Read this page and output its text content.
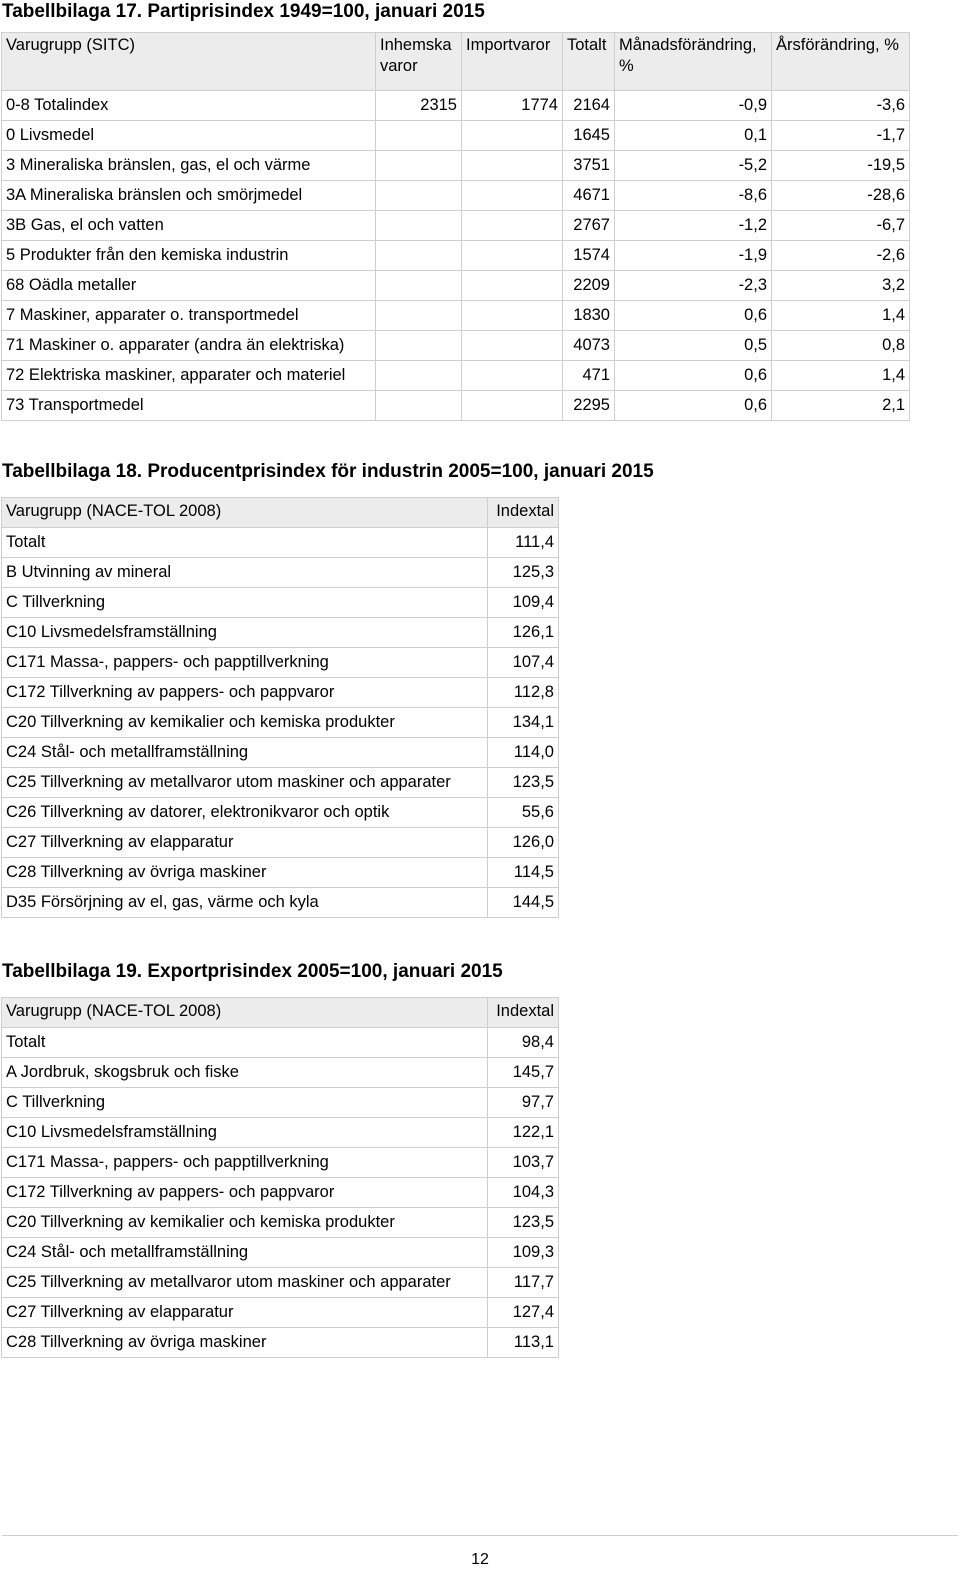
Tabellbilaga 17. Partiprisindex 1949=100, januari 2015
Varugrupp (SITC)	Inhemska varor	Importvaror	Totalt	Månadsförändring, %	Årsförändring, %
0-8 Totalindex	2315	1774	2164	-0,9	-3,6
0 Livsmedel			1645	0,1	-1,7
3 Mineraliska bränslen, gas, el och värme			3751	-5,2	-19,5
3A Mineraliska bränslen och smörjmedel			4671	-8,6	-28,6
3B Gas, el och vatten			2767	-1,2	-6,7
5 Produkter från den kemiska industrin			1574	-1,9	-2,6
68 Oädla metaller			2209	-2,3	3,2
7 Maskiner, apparater o. transportmedel			1830	0,6	1,4
71 Maskiner o. apparater (andra än elektriska)			4073	0,5	0,8
72 Elektriska maskiner, apparater och materiel			471	0,6	1,4
73 Transportmedel			2295	0,6	2,1
Tabellbilaga 18. Producentprisindex för industrin 2005=100, januari 2015
Varugrupp (NACE-TOL 2008)	Indextal
Totalt	111,4
B Utvinning av mineral	125,3
C Tillverkning	109,4
C10 Livsmedelsframställning	126,1
C171 Massa-, pappers- och papptillverkning	107,4
C172 Tillverkning av pappers- och pappvaror	112,8
C20 Tillverkning av kemikalier och kemiska produkter	134,1
C24 Stål- och metallframställning	114,0
C25 Tillverkning av metallvaror utom maskiner och apparater	123,5
C26 Tillverkning av datorer, elektronikvaror och optik	55,6
C27 Tillverkning av elapparatur	126,0
C28 Tillverkning av övriga maskiner	114,5
D35 Försörjning av el, gas, värme och kyla	144,5
Tabellbilaga 19. Exportprisindex 2005=100, januari 2015
Varugrupp (NACE-TOL 2008)	Indextal
Totalt	98,4
A Jordbruk, skogsbruk och fiske	145,7
C Tillverkning	97,7
C10 Livsmedelsframställning	122,1
C171 Massa-, pappers- och papptillverkning	103,7
C172 Tillverkning av pappers- och pappvaror	104,3
C20 Tillverkning av kemikalier och kemiska produkter	123,5
C24 Stål- och metallframställning	109,3
C25 Tillverkning av metallvaror utom maskiner och apparater	117,7
C27 Tillverkning av elapparatur	127,4
C28 Tillverkning av övriga maskiner	113,1
12
